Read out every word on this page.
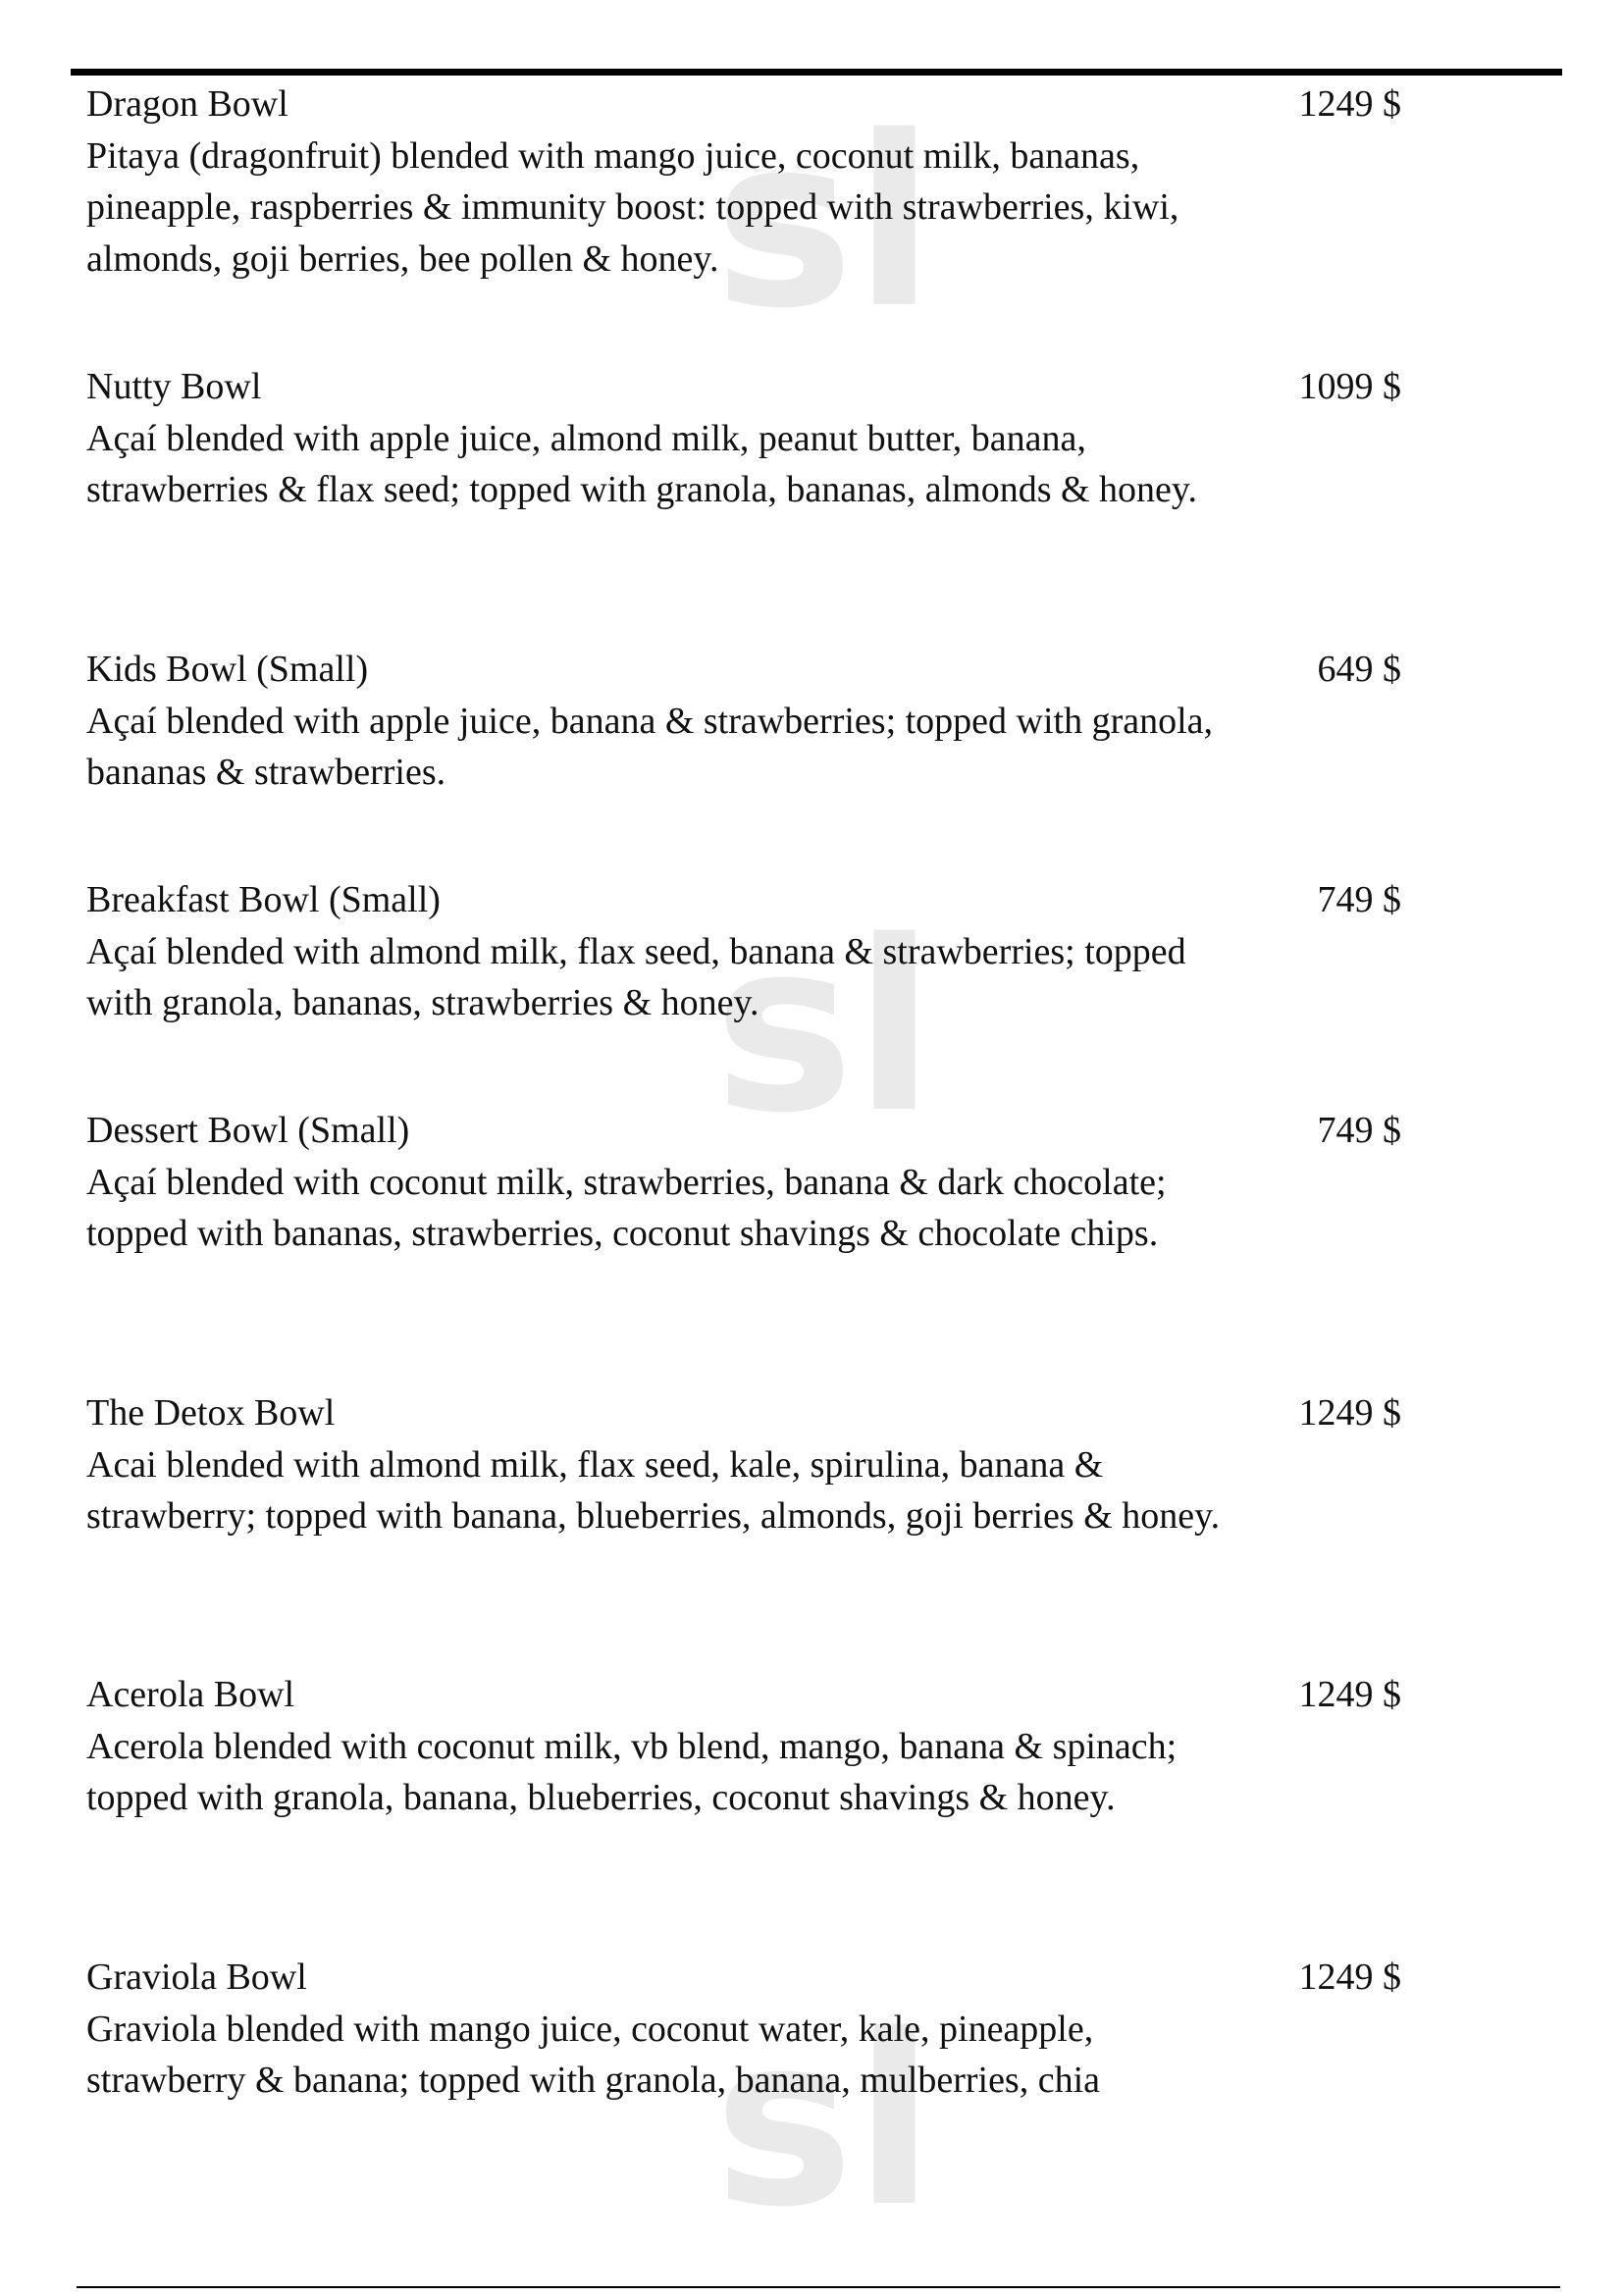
sl
sl
sl
Dragon Bowl	1249 $
Pitaya (dragonfruit) blended with mango juice, coconut milk, bananas, pineapple, raspberries & immunity boost: topped with strawberries, kiwi, almonds, goji berries, bee pollen & honey.
Nutty Bowl	1099 $
Açaí blended with apple juice, almond milk, peanut butter, banana, strawberries & flax seed; topped with granola, bananas, almonds & honey.
Kids Bowl (Small)	649 $
Açaí blended with apple juice, banana & strawberries; topped with granola, bananas & strawberries.
Breakfast Bowl (Small)	749 $
Açaí blended with almond milk, flax seed, banana & strawberries; topped with granola, bananas, strawberries & honey.
Dessert Bowl (Small)	749 $
Açaí blended with coconut milk, strawberries, banana & dark chocolate; topped with bananas, strawberries, coconut shavings & chocolate chips.
The Detox Bowl	1249 $
Acai blended with almond milk, flax seed, kale, spirulina, banana & strawberry; topped with banana, blueberries, almonds, goji berries & honey.
Acerola Bowl	1249 $
Acerola blended with coconut milk, vb blend, mango, banana & spinach; topped with granola, banana, blueberries, coconut shavings & honey.
Graviola Bowl	1249 $
Graviola blended with mango juice, coconut water, kale, pineapple, strawberry & banana; topped with granola, banana, mulberries, chia
